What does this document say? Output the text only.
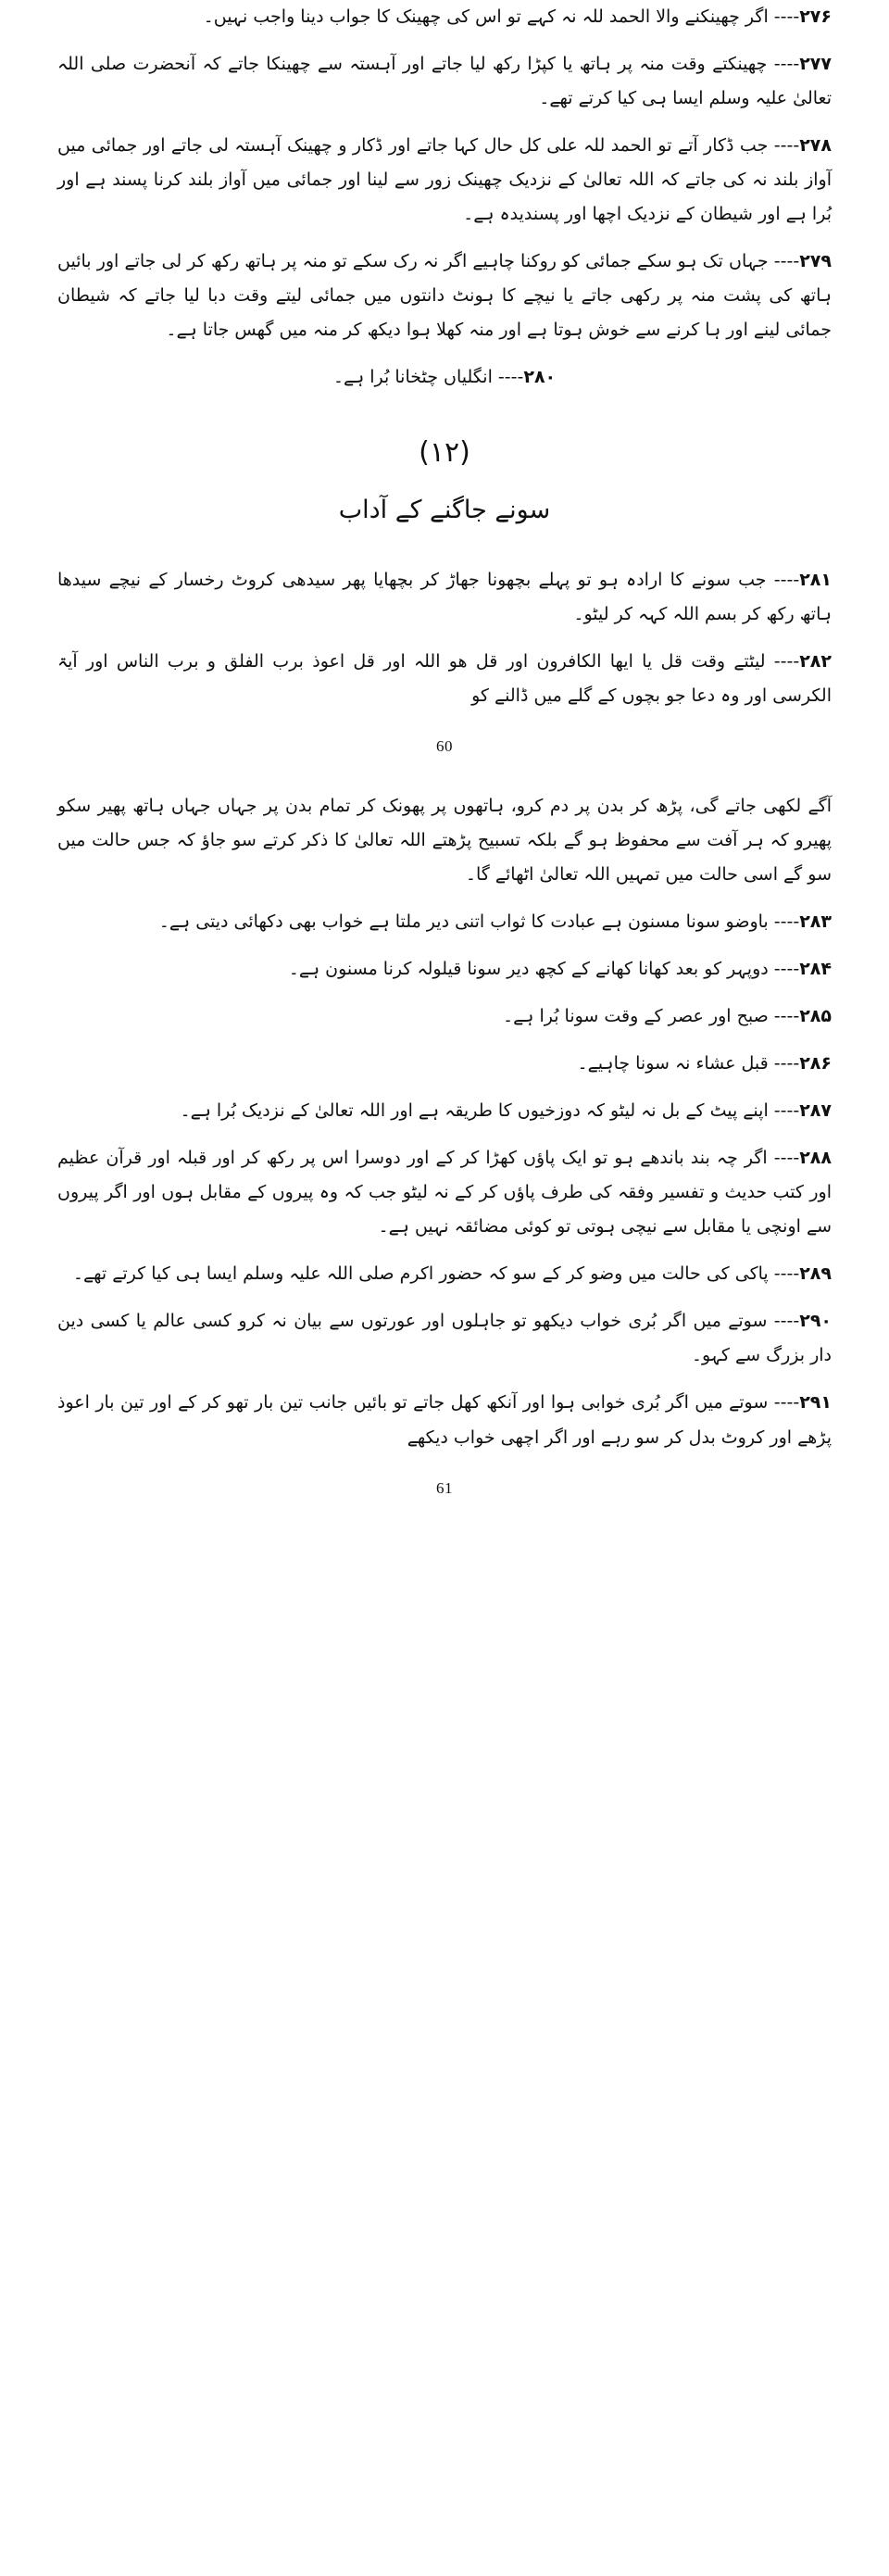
۲۷۶---- اگر چھینکنے والا الحمد للہ نہ کہے تو اس کی چھینک کا جواب دینا واجب نہیں۔
۲۷۷---- چھینکتے وقت منہ پر ہاتھ یا کپڑا رکھ لیا جاتے اور آہستہ سے چھینکا جاتے کہ آنحضرت صلی اللہ تعالیٰ علیہ وسلم ایسا ہی کیا کرتے تھے۔
۲۷۸---- جب ڈکار آتے تو الحمد للہ علی کل حال کہا جاتے اور ڈکار و چھینک آہستہ لی جاتے اور جمائی میں آواز بلند نہ کی جاتے کہ اللہ تعالیٰ کے نزدیک چھینک زور سے لینا اور جمائی میں آواز بلند کرنا پسند ہے اور بُرا ہے اور شیطان کے نزدیک اچھا اور پسندیدہ ہے۔
۲۷۹---- جہاں تک ہو سکے جمائی کو روکنا چاہیے اگر نہ رک سکے تو منہ پر ہاتھ رکھ کر لی جاتے اور بائیں ہاتھ کی پشت منہ پر رکھی جاتے یا نیچے کا ہونٹ دانتوں میں جمائی لیتے وقت دبا لیا جاتے کہ شیطان جمائی لینے اور ہا کرنے سے خوش ہوتا ہے اور منہ کھلا ہوا دیکھ کر منہ میں گھس جاتا ہے۔
۲۸۰---- انگلیاں چٹخانا بُرا ہے۔
(۱۲)
سونے جاگنے کے آداب
۲۸۱---- جب سونے کا ارادہ ہو تو پہلے بچھونا جھاڑ کر بچھایا پھر سیدھی کروٹ رخسار کے نیچے سیدھا ہاتھ رکھ کر بسم اللہ کہہ کر لیٹو۔
۲۸۲---- لیٹتے وقت قل یا ایھا الکافرون اور قل ھو اللہ اور قل اعوذ برب الفلق و برب الناس اور آیۃ الکرسی اور وہ دعا جو بچوں کے گلے میں ڈالنے کو
60
آگے لکھی جاتے گی، پڑھ کر بدن پر دم کرو، ہاتھوں پر پھونک کر تمام بدن پر جہاں جہاں ہاتھ پھیر سکو پھیرو کہ ہر آفت سے محفوظ ہو گے بلکہ تسبیح پڑھتے اللہ تعالیٰ کا ذکر کرتے سو جاؤ کہ جس حالت میں سو گے اسی حالت میں تمہیں اللہ تعالیٰ اٹھائے گا۔
۲۸۳---- باوضو سونا مسنون ہے عبادت کا ثواب اتنی دیر ملتا ہے خواب بھی دکھائی دیتی ہے۔
۲۸۴---- دوپہر کو بعد کھانا کھانے کے کچھ دیر سونا قیلولہ کرنا مسنون ہے۔
۲۸۵---- صبح اور عصر کے وقت سونا بُرا ہے۔
۲۸۶---- قبل عشاء نہ سونا چاہیے۔
۲۸۷---- اپنے پیٹ کے بل نہ لیٹو کہ دوزخیوں کا طریقہ ہے اور اللہ تعالیٰ کے نزدیک بُرا ہے۔
۲۸۸---- اگر چہ بند باندھے ہو تو ایک پاؤں کھڑا کر کے اور دوسرا اس پر رکھ کر اور قبلہ اور قرآن عظیم اور کتب حدیث و تفسیر وفقہ کی طرف پاؤں کر کے نہ لیٹو جب کہ وہ پیروں کے مقابل ہوں اور اگر پیروں سے اونچی یا مقابل سے نیچی ہوتی تو کوئی مضائقہ نہیں ہے۔
۲۸۹---- پاکی کی حالت میں وضو کر کے سو کہ حضور اکرم صلی اللہ علیہ وسلم ایسا ہی کیا کرتے تھے۔
۲۹۰---- سوتے میں اگر بُری خواب دیکھو تو جاہلوں اور عورتوں سے بیان نہ کرو کسی عالم یا کسی دین دار بزرگ سے کہو۔
۲۹۱---- سوتے میں اگر بُری خوابی ہوا اور آنکھ کھل جاتے تو بائیں جانب تین بار تھو کر کے اور تین بار اعوذ پڑھے اور کروٹ بدل کر سو رہے اور اگر اچھی خواب دیکھے
61
